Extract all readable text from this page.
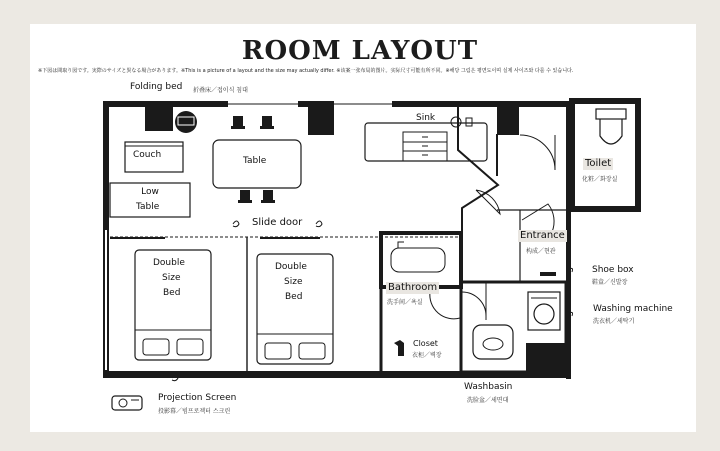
ROOM LAYOUT
※下図は間取り図です。実際のサイズと異なる場合があります。※This is a picture of a layout and the size may actually differ. ※该案一张布局的图片。实际尺寸可能有所不同。※해당 그림은 평면도이며 실제 사이즈와 다를 수 있습니다.
Folding bed 折叠床／접이식 침대
Sink
Couch
Table
Low
Table
Slide door
Toilet
化粧／화장실
Entrance
构成／현관
Double
Size
Bed
Double
Size
Bed
Bathroom
洗手间／욕실
Closet
衣柜／벽장
Shoe box
鞋盒／신발장
Washing machine
洗衣机／세탁기
Washbasin
洗脸盆／세면대
Projection Screen
投影幕／빔프로젝터 스크린
